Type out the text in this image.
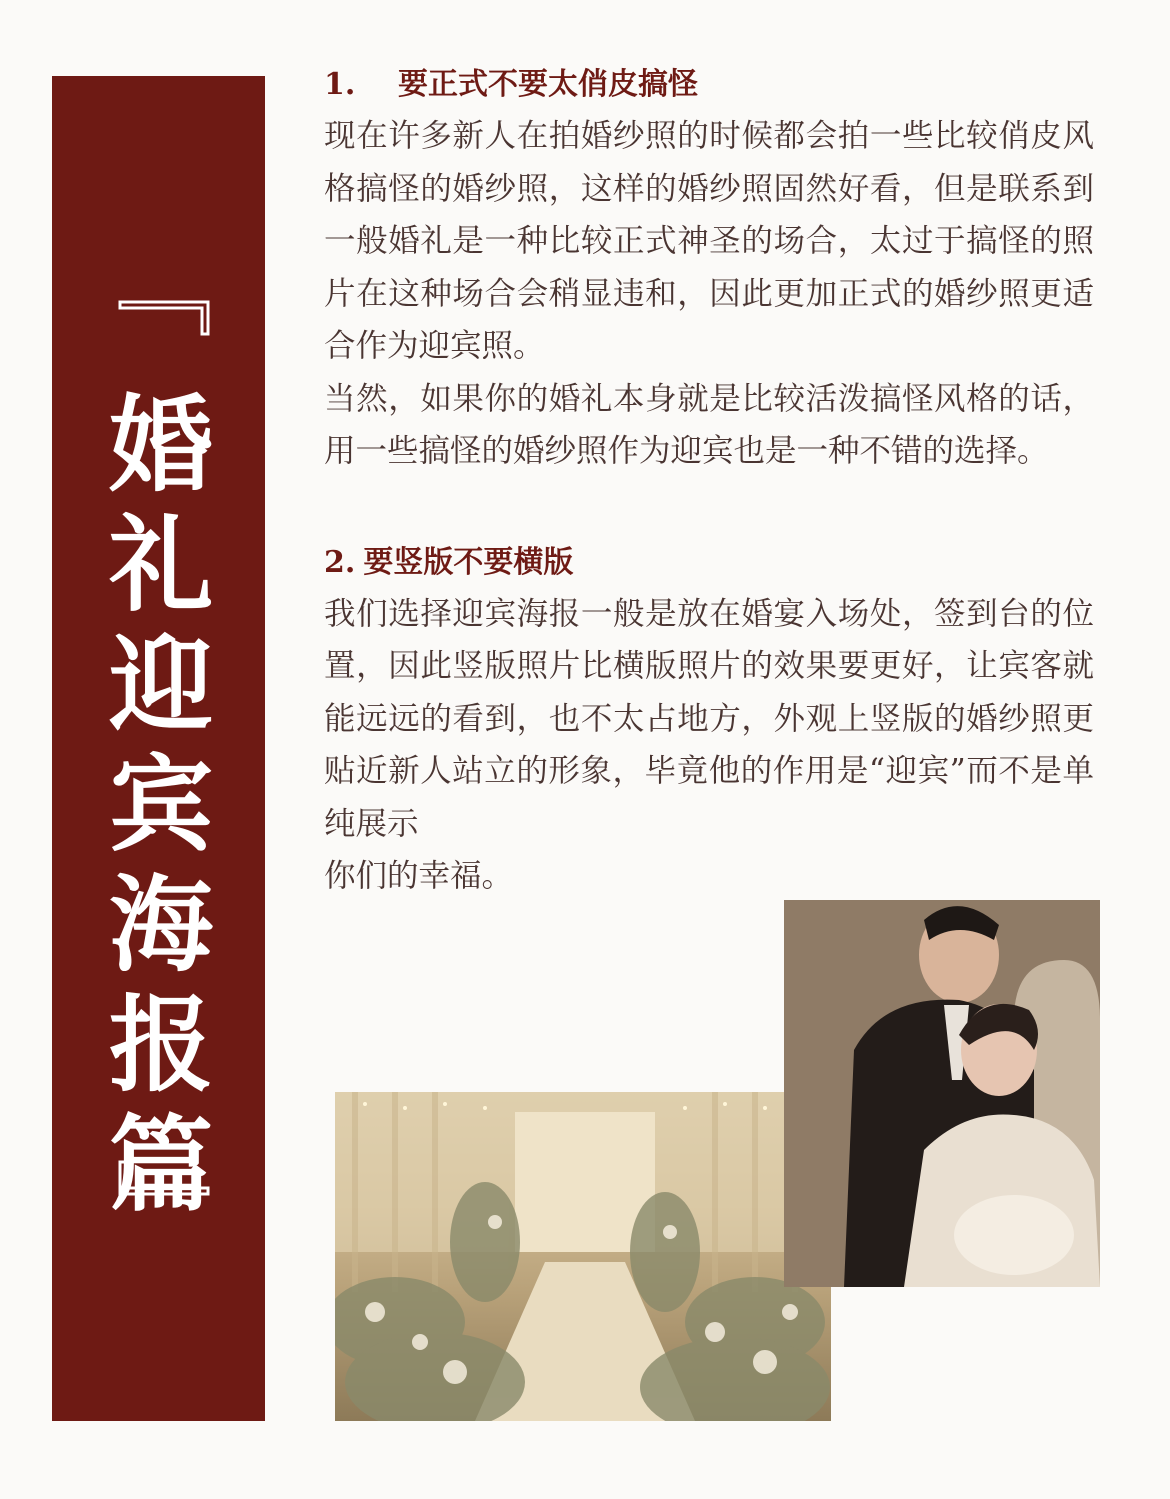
婚礼迎宾海报篇
1. 要正式不要太俏皮搞怪

现在许多新人在拍婚纱照的时候都会拍一些比较俏皮风格搞怪的婚纱照，这样的婚纱照固然好看，但是联系到一般婚礼是一种比较正式神圣的场合，太过于搞怪的照片在这种场合会稍显违和，因此更加正式的婚纱照更适合作为迎宾照。

当然，如果你的婚礼本身就是比较活泼搞怪风格的话，用一些搞怪的婚纱照作为迎宾也是一种不错的选择。

2. 要竖版不要横版

我们选择迎宾海报一般是放在婚宴入场处，签到台的位置，因此竖版照片比横版照片的效果要更好，让宾客就能远远的看到，也不太占地方，外观上竖版的婚纱照更贴近新人站立的形象，毕竟他的作用是“迎宾”而不是单纯展示

你们的幸福。
